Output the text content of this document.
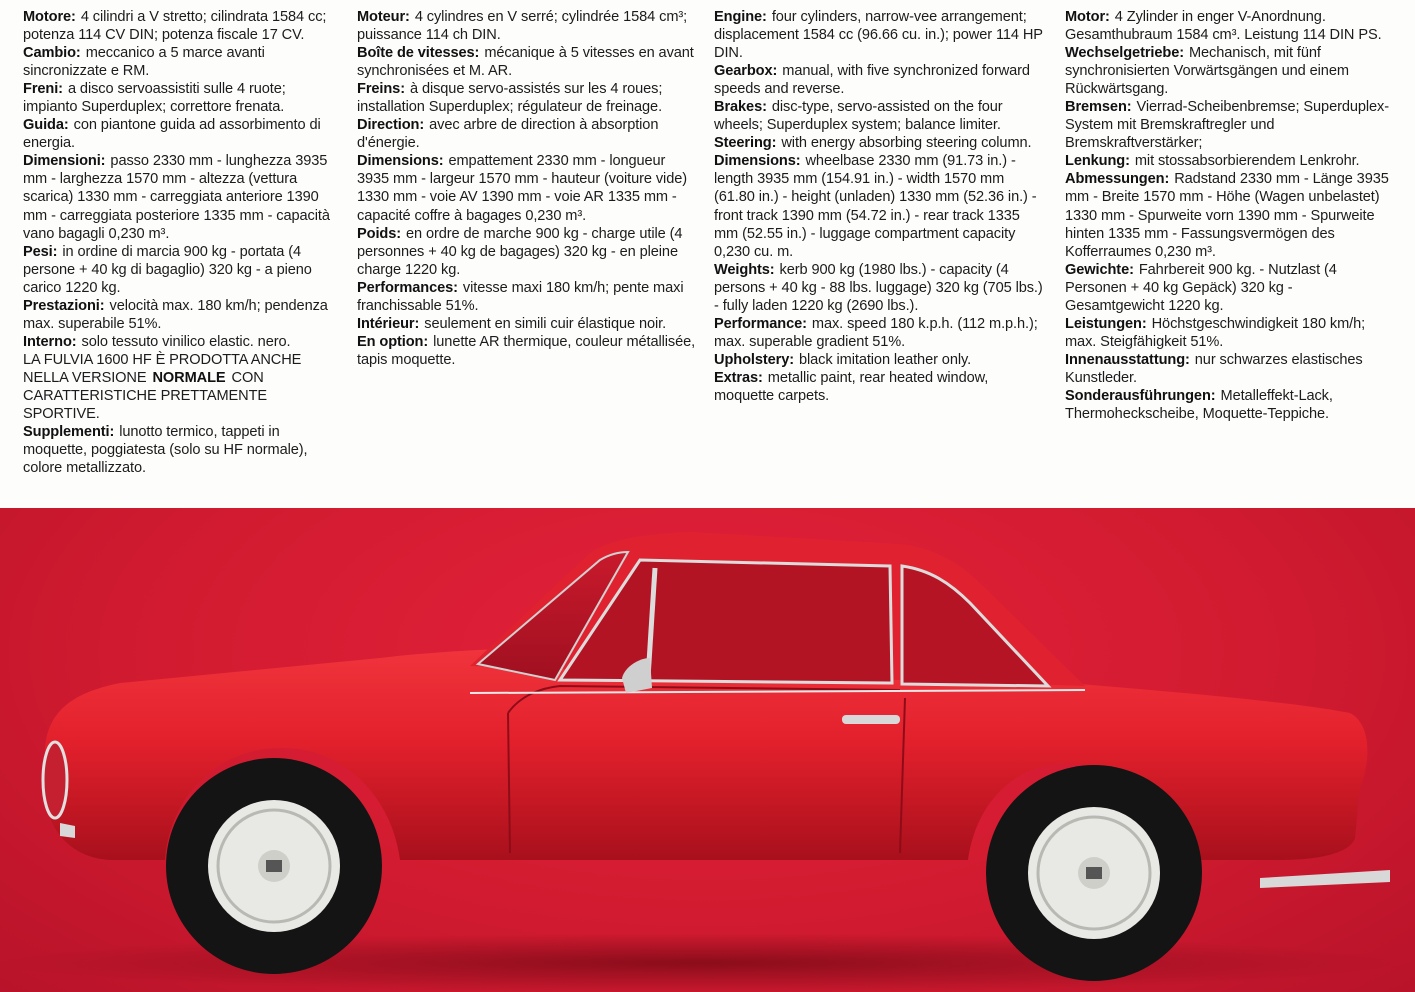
Motore: 4 cilindri a V stretto; cilindrata 1584 cc; potenza 114 CV DIN; potenza fiscale 17 CV.
Cambio: meccanico a 5 marce avanti sincronizzate e RM.
Freni: a disco servoassistiti sulle 4 ruote; impianto Superduplex; correttore frenata.
Guida: con piantone guida ad assorbimento di energia.
Dimensioni: passo 2330 mm - lunghezza 3935 mm - larghezza 1570 mm - altezza (vettura scarica) 1330 mm - carreggiata anteriore 1390 mm - carreggiata posteriore 1335 mm - capacità vano bagagli 0,230 m³.
Pesi: in ordine di marcia 900 kg - portata (4 persone + 40 kg di bagaglio) 320 kg - a pieno carico 1220 kg.
Prestazioni: velocità max. 180 km/h; pendenza max. superabile 51%.
Interno: solo tessuto vinilico elastic. nero.
LA FULVIA 1600 HF È PRODOTTA ANCHE NELLA VERSIONE NORMALE CON CARATTERISTICHE PRETTAMENTE SPORTIVE.
Supplementi: lunotto termico, tappeti in moquette, poggiatesta (solo su HF normale), colore metallizzato.
Moteur: 4 cylindres en V serré; cylindrée 1584 cm³; puissance 114 ch DIN.
Boîte de vitesses: mécanique à 5 vitesses en avant synchronisées et M. AR.
Freins: à disque servo-assistés sur les 4 roues; installation Superduplex; régulateur de freinage.
Direction: avec arbre de direction à absorption d'énergie.
Dimensions: empattement 2330 mm - longueur 3935 mm - largeur 1570 mm - hauteur (voiture vide) 1330 mm - voie AV 1390 mm - voie AR 1335 mm - capacité coffre à bagages 0,230 m³.
Poids: en ordre de marche 900 kg - charge utile (4 personnes + 40 kg de bagages) 320 kg - en pleine charge 1220 kg.
Performances: vitesse maxi 180 km/h; pente maxi franchissable 51%.
Intérieur: seulement en simili cuir élastique noir.
En option: lunette AR thermique, couleur métallisée, tapis moquette.
Engine: four cylinders, narrow-vee arrangement; displacement 1584 cc (96.66 cu. in.); power 114 HP DIN.
Gearbox: manual, with five synchronized forward speeds and reverse.
Brakes: disc-type, servo-assisted on the four wheels; Superduplex system; balance limiter.
Steering: with energy absorbing steering column.
Dimensions: wheelbase 2330 mm (91.73 in.) - length 3935 mm (154.91 in.) - width 1570 mm (61.80 in.) - height (unladen) 1330 mm (52.36 in.) - front track 1390 mm (54.72 in.) - rear track 1335 mm (52.55 in.) - luggage compartment capacity 0,230 cu. m.
Weights: kerb 900 kg (1980 lbs.) - capacity (4 persons + 40 kg - 88 lbs. luggage) 320 kg (705 lbs.) - fully laden 1220 kg (2690 lbs.).
Performance: max. speed 180 k.p.h. (112 m.p.h.); max. superable gradient 51%.
Upholstery: black imitation leather only.
Extras: metallic paint, rear heated window, moquette carpets.
Motor: 4 Zylinder in enger V-Anordnung. Gesamthubraum 1584 cm³. Leistung 114 DIN PS.
Wechselgetriebe: Mechanisch, mit fünf synchronisierten Vorwärtsgängen und einem Rückwärtsgang.
Bremsen: Vierrad-Scheibenbremse; Superduplex-System mit Bremskraftregler und Bremskraftverstärker;
Lenkung: mit stossabsorbierendem Lenkrohr.
Abmessungen: Radstand 2330 mm - Länge 3935 mm - Breite 1570 mm - Höhe (Wagen unbelastet) 1330 mm - Spurweite vorn 1390 mm - Spurweite hinten 1335 mm - Fassungsvermögen des Kofferraumes 0,230 m³.
Gewichte: Fahrbereit 900 kg. - Nutzlast (4 Personen + 40 kg Gepäck) 320 kg - Gesamtgewicht 1220 kg.
Leistungen: Höchstgeschwindigkeit 180 km/h; max. Steigfähigkeit 51%.
Innenausstattung: nur schwarzes elastisches Kunstleder.
Sonderausführungen: Metalleffekt-Lack, Thermoheckscheibe, Moquette-Teppiche.
